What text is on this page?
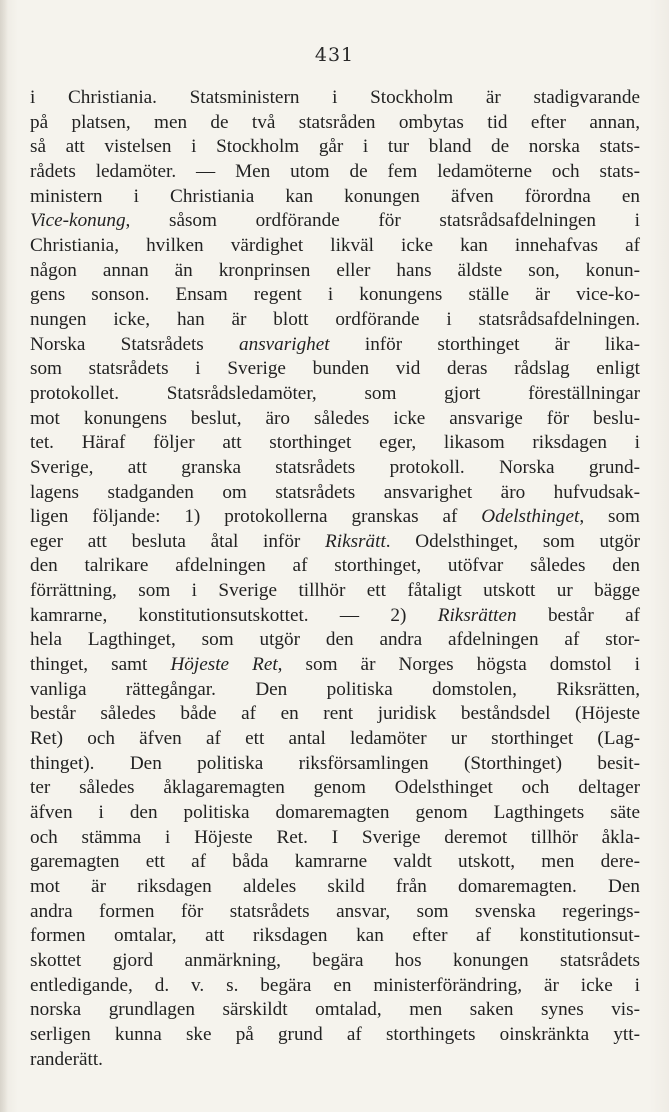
431
i Christiania. Statsministern i Stockholm är stadigvarande
på platsen, men de två statsråden ombytas tid efter annan,
så att vistelsen i Stockholm går i tur bland de norska stats-
rådets ledamöter. — Men utom de fem ledamöterne och stats-
ministern i Christiania kan konungen äfven förordna en
Vice-konung, såsom ordförande för statsrådsafdelningen i
Christiania, hvilken värdighet likväl icke kan innehafvas af
någon annan än kronprinsen eller hans äldste son, konun-
gens sonson. Ensam regent i konungens ställe är vice-ko-
nungen icke, han är blott ordförande i statsrådsafdelningen.
Norska Statsrådets ansvarighet inför storthinget är lika-
som statsrådets i Sverige bunden vid deras rådslag enligt
protokollet. Statsrådsledamöter, som gjort föreställningar
mot konungens beslut, äro således icke ansvarige för beslu-
tet. Häraf följer att storthinget eger, likasom riksdagen i
Sverige, att granska statsrådets protokoll. Norska grund-
lagens stadganden om statsrådets ansvarighet äro hufvudsak-
ligen följande: 1) protokollerna granskas af Odelsthinget, som
eger att besluta åtal inför Riksrätt. Odelsthinget, som utgör
den talrikare afdelningen af storthinget, utöfvar således den
förrättning, som i Sverige tillhör ett fåtaligt utskott ur bägge
kamrarne, konstitutionsutskottet. — 2) Riksrätten består af
hela Lagthinget, som utgör den andra afdelningen af stor-
thinget, samt Höjeste Ret, som är Norges högsta domstol i
vanliga rättegångar. Den politiska domstolen, Riksrätten,
består således både af en rent juridisk beståndsdel (Höjeste
Ret) och äfven af ett antal ledamöter ur storthinget (Lag-
thinget). Den politiska riksförsamlingen (Storthinget) besit-
ter således åklagaremagten genom Odelsthinget och deltager
äfven i den politiska domaremagten genom Lagthingets säte
och stämma i Höjeste Ret. I Sverige deremot tillhör åkla-
garemagten ett af båda kamrarne valdt utskott, men dere-
mot är riksdagen aldeles skild från domaremagten. Den
andra formen för statsrådets ansvar, som svenska regerings-
formen omtalar, att riksdagen kan efter af konstitutionsut-
skottet gjord anmärkning, begära hos konungen statsrådets
entledigande, d. v. s. begära en ministerförändring, är icke i
norska grundlagen särskildt omtalad, men saken synes vis-
serligen kunna ske på grund af storthingets oinskränkta ytt-
randerätt.
